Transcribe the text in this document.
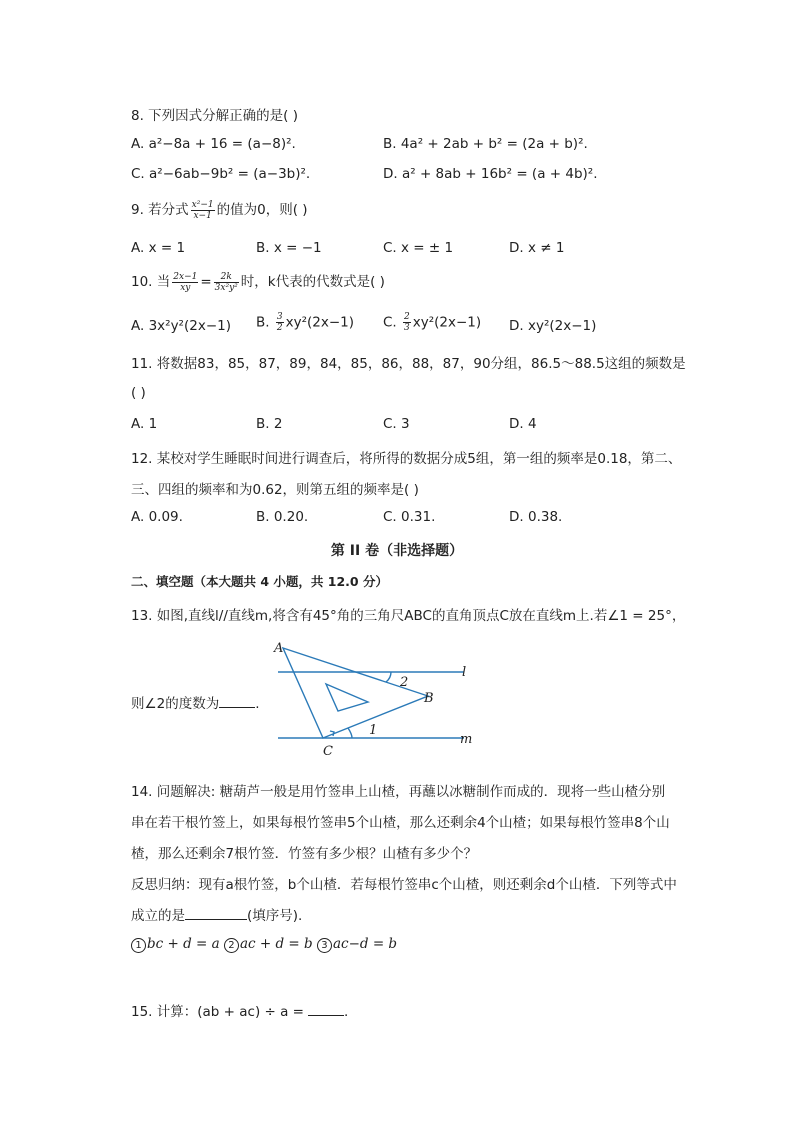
8. 下列因式分解正确的是( )
A. a²−8a + 16 = (a−8)².	B. 4a² + 2ab + b² = (2a + b)².
C. a²−6ab−9b² = (a−3b)².	D. a² + 8ab + 16b² = (a + 4b)².
9. 若分式 $\frac{\text{x²−1}}{x-1}$ 的值为0，则( )
A. x = 1	B. x = −1	C. x = ± 1	D. x ≠ 1
10. 当 $\frac{2x-1}{xy} = \frac{2k}{\text{3x²y²}}$ 时，k代表的代数式是( )
A. 3x²y²(2x−1) B. $\frac{3}{2} xy^2(2x-1)$ C. $\frac{2}{3} xy^2(2x-1)$ D. xy²(2x−1)
11. 将数据83，85，87，89，84，85，86，88，87，90分组，86.5～88.5这组的频数是
( )
A. 1	B. 2	C. 3	D. 4
12. 某校对学生睡眠时间进行调查后，将所得的数据分成5组，第一组的频率是0.18，第二、
三、四组的频率和为0.62，则第五组的频率是( )
A. 0.09.	B. 0.20.	C. 0.31.	D. 0.38.
第 II 卷（非选择题）
二、填空题（本大题共 4 小题，共 12.0 分）
13. 如图,直线l//直线m,将含有45°角的三角尺ABC的直角顶点C放在直线m上.若∠1 = 25°，
则∠2的度数为	.
A
B
C
l
m
1
2
14. 问题解决: 糖葫芦一般是用竹签串上山楂，再蘸以冰糖制作而成的．现将一些山楂分别
串在若干根竹签上，如果每根竹签串5个山楂，那么还剩余4个山楂；如果每根竹签串8个山
楂，那么还剩余7根竹签．竹签有多少根？山楂有多少个？
反思归纳：现有a根竹签，b个山楂．若每根竹签串c个山楂，则还剩余d个山楂．下列等式中
成立的是	(填序号).
1 bc + d = a 2 ac + d = b 3 ac−d = b
15. 计算：(ab + ac) ÷ a =	.
